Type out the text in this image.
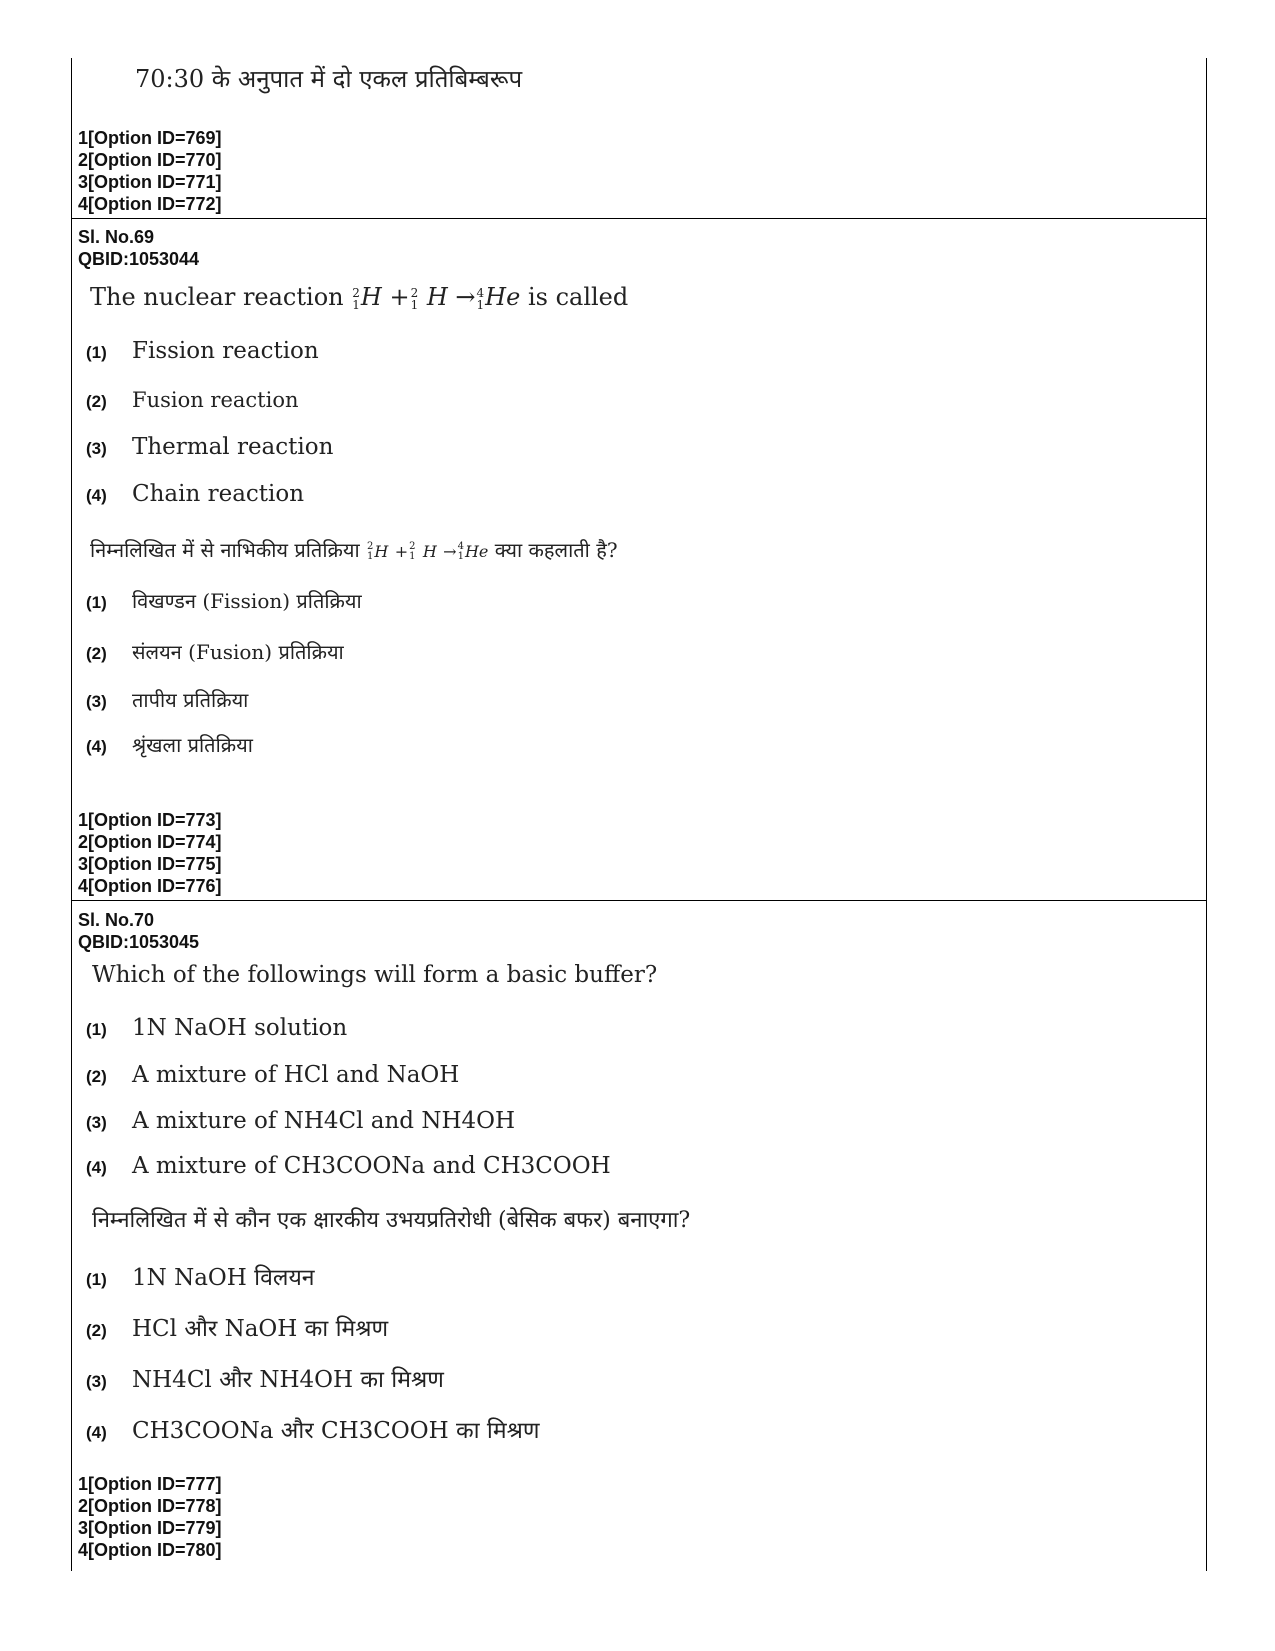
70:30 के अनुपात में दो एकल प्रतिबिम्बरूप
1[Option ID=769]
2[Option ID=770]
3[Option ID=771]
4[Option ID=772]
Sl. No.69
QBID:1053044
The nuclear reaction 2
1 H + 2
1 H → 4
1 He is called
(1)	Fission reaction
(2)	Fusion reaction
(3)	Thermal reaction
(4)	Chain reaction
निम्नलिखित में से नाभिकीय प्रतिक्रिया 2
1 H + 2
1 H → 4
1 He क्या कहलाती है?
(1)	विखण्डन (Fission) प्रतिक्रिया
(2)	संलयन (Fusion) प्रतिक्रिया
(3)	तापीय प्रतिक्रिया
(4)	श्रृंखला प्रतिक्रिया
1[Option ID=773]
2[Option ID=774]
3[Option ID=775]
4[Option ID=776]
Sl. No.70
QBID:1053045
Which of the followings will form a basic buffer?
(1)	1N NaOH solution
(2)	A mixture of HCl and NaOH
(3)	A mixture of NH4Cl and NH4OH
(4)	A mixture of CH3COONa and CH3COOH
निम्नलिखित में से कौन एक क्षारकीय उभयप्रतिरोधी (बेसिक बफर) बनाएगा?
(1)	1N NaOH विलयन
(2)	HCl और NaOH का मिश्रण
(3)	NH4Cl और NH4OH का मिश्रण
(4)	CH3COONa और CH3COOH का मिश्रण
1[Option ID=777]
2[Option ID=778]
3[Option ID=779]
4[Option ID=780]
